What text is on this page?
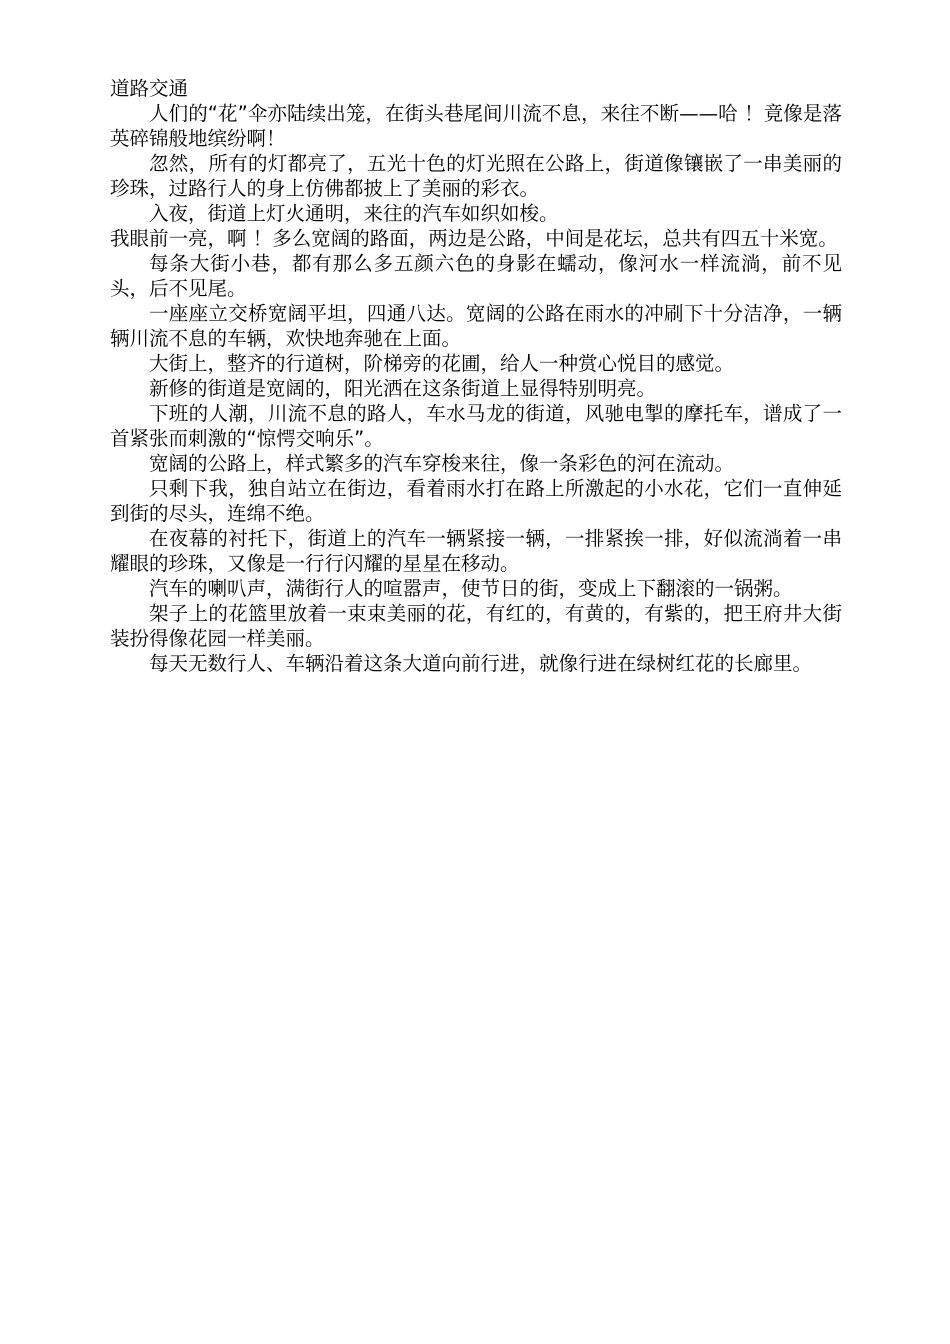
道路交通

人们的“花”伞亦陆续出笼，在街头巷尾间川流不息，来往不断——哈 ！竟像是落英碎锦般地缤纷啊！

忽然，所有的灯都亮了，五光十色的灯光照在公路上，街道像镶嵌了一串美丽的珍珠，过路行人的身上仿佛都披上了美丽的彩衣。

入夜，街道上灯火通明，来往的汽车如织如梭。

我眼前一亮，啊 ！多么宽阔的路面，两边是公路，中间是花坛，总共有四五十米宽。

每条大街小巷，都有那么多五颜六色的身影在蠕动，像河水一样流淌，前不见头，后不见尾。

一座座立交桥宽阔平坦，四通八达。宽阔的公路在雨水的冲刷下十分洁净，一辆辆川流不息的车辆，欢快地奔驰在上面。

大街上，整齐的行道树，阶梯旁的花圃，给人一种赏心悦目的感觉。

新修的街道是宽阔的，阳光洒在这条街道上显得特别明亮。

下班的人潮，川流不息的路人，车水马龙的街道，风驰电掣的摩托车，谱成了一首紧张而刺激的“惊愕交响乐”。

宽阔的公路上，样式繁多的汽车穿梭来往，像一条彩色的河在流动。

只剩下我，独自站立在街边，看着雨水打在路上所激起的小水花，它们一直伸延到街的尽头，连绵不绝。

在夜幕的衬托下，街道上的汽车一辆紧接一辆，一排紧挨一排，好似流淌着一串耀眼的珍珠，又像是一行行闪耀的星星在移动。

汽车的喇叭声，满街行人的喧嚣声，使节日的街，变成上下翻滚的一锅粥。

架子上的花篮里放着一束束美丽的花，有红的，有黄的，有紫的，把王府井大街装扮得像花园一样美丽。

每天无数行人、车辆沿着这条大道向前行进，就像行进在绿树红花的长廊里。
